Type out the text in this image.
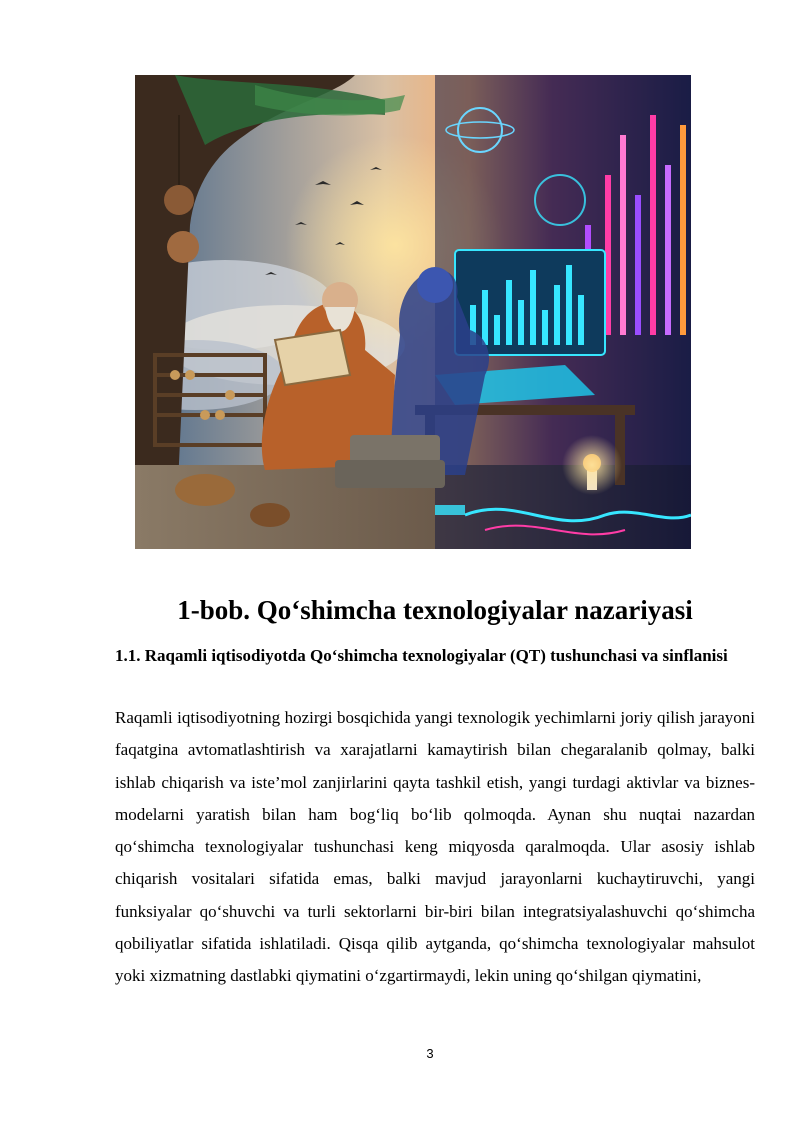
1-bob. Qo‘shimcha texnologiyalar nazariyasi
1.1. Raqamli iqtisodiyotda Qo‘shimcha texnologiyalar (QT) tushunchasi va sinflanisi

Raqamli iqtisodiyotning hozirgi bosqichida yangi texnologik yechimlarni joriy qilish jarayoni faqatgina avtomatlashtirish va xarajatlarni kamaytirish bilan chegaralanib qolmay, balki ishlab chiqarish va iste’mol zanjirlarini qayta tashkil etish, yangi turdagi aktivlar va biznes-modelarni yaratish bilan ham bog‘liq bo‘lib qolmoqda. Aynan shu nuqtai nazardan qo‘shimcha texnologiyalar tushunchasi keng miqyosda qaralmoqda. Ular asosiy ishlab chiqarish vositalari sifatida emas, balki mavjud jarayonlarni kuchaytiruvchi, yangi funksiyalar qo‘shuvchi va turli sektorlarni bir-biri bilan integratsiyalashuvchi qo‘shimcha qobiliyatlar sifatida ishlatiladi. Qisqa qilib aytganda, qo‘shimcha texnologiyalar mahsulot yoki xizmatning dastlabki qiymatini o‘zgartirmaydi, lekin uning qo‘shilgan qiymatini,

3
